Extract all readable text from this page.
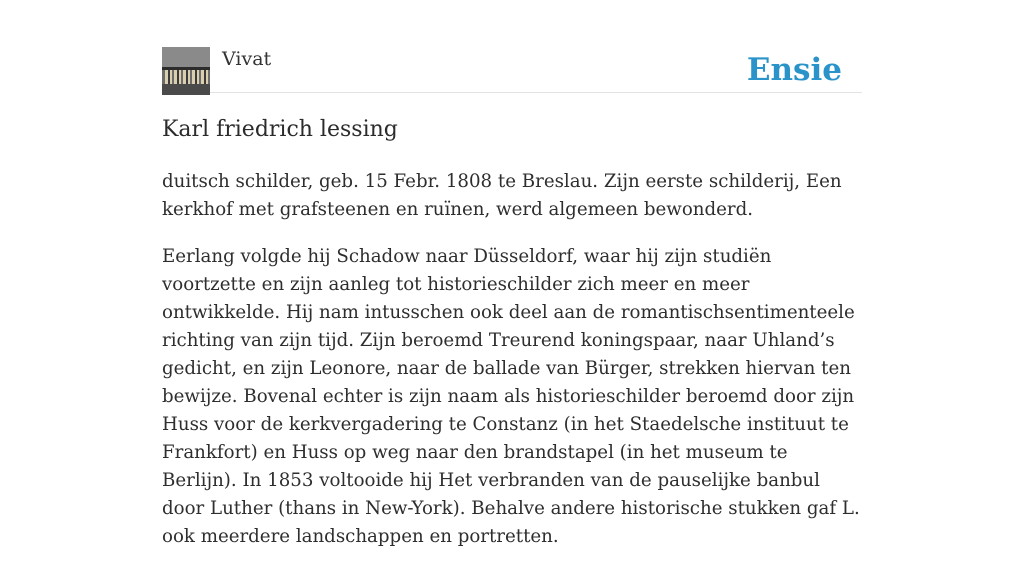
Vivat	Ensie
Karl friedrich lessing

duitsch schilder, geb. 15 Febr. 1808 te Breslau. Zijn eerste schilderij, Een kerkhof met grafsteenen en ruïnen, werd algemeen bewonderd.

Eerlang volgde hij Schadow naar Düsseldorf, waar hij zijn studiën voortzette en zijn aanleg tot historieschilder zich meer en meer ontwikkelde. Hij nam intusschen ook deel aan de romantischsentimenteele richting van zijn tijd. Zijn beroemd Treurend koningspaar, naar Uhland’s gedicht, en zijn Leonore, naar de ballade van Bürger, strekken hiervan ten bewijze. Bovenal echter is zijn naam als historieschilder beroemd door zijn Huss voor de kerkvergadering te Constanz (in het Staedelsche instituut te Frankfort) en Huss op weg naar den brandstapel (in het museum te Berlijn). In 1853 voltooide hij Het verbranden van de pauselijke banbul door Luther (thans in New-York). Behalve andere historische stukken gaf L. ook meerdere landschappen en portretten.
